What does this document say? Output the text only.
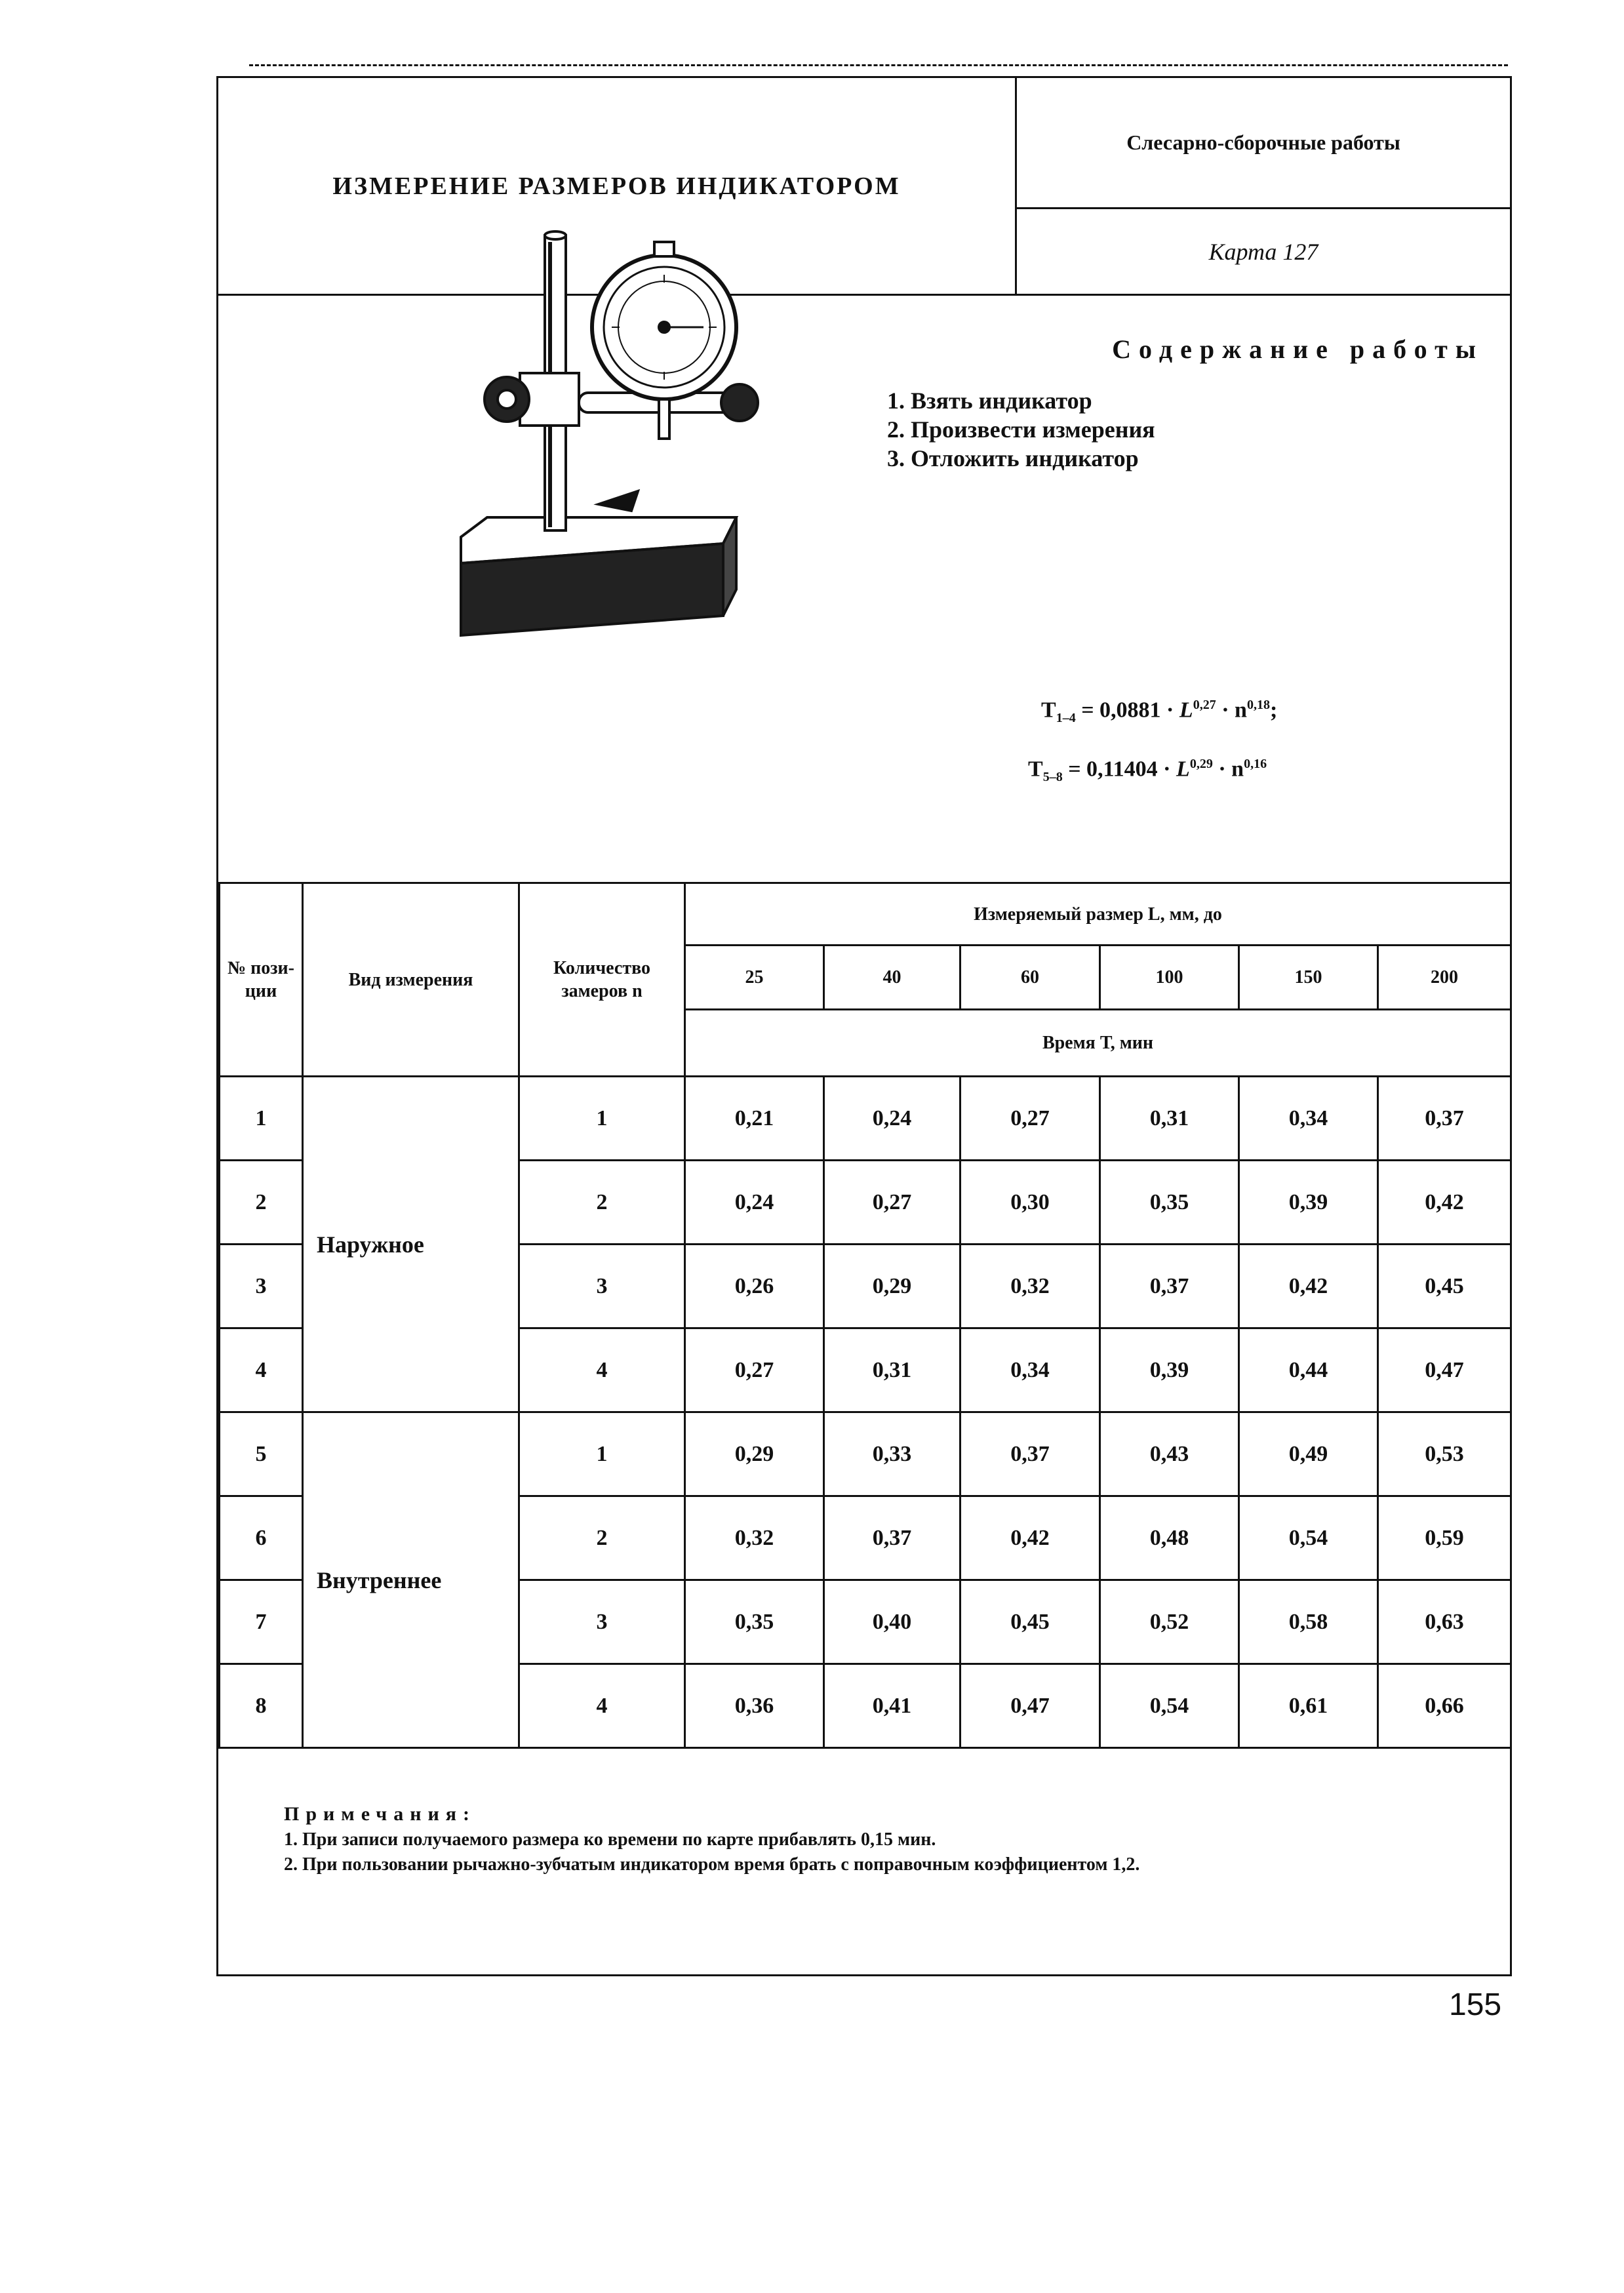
ИЗМЕРЕНИЕ РАЗМЕРОВ ИНДИКАТОРОМ
Слесарно-сборочные работы
Карта 127
Содержание работы
1. Взять индикатор
2. Произвести измерения
3. Отложить индикатор
$T_{1-4} = 0,0881 \cdot L^{0,27} \cdot n^{0,18}$;
$T_{5-8} = 0,11404 \cdot L^{0,29} \cdot n^{0,16}$
№ пози- ции	Вид измерения	Количество замеров n	Измеряемый размер L, мм, до					
			25	40	60	100	150	200
			Время Т, мин					
1	Наружное	1	0,21	0,24	0,27	0,31	0,34	0,37
2		2	0,24	0,27	0,30	0,35	0,39	0,42
3		3	0,26	0,29	0,32	0,37	0,42	0,45
4		4	0,27	0,31	0,34	0,39	0,44	0,47
5	Внутреннее	1	0,29	0,33	0,37	0,43	0,49	0,53
6		2	0,32	0,37	0,42	0,48	0,54	0,59
7		3	0,35	0,40	0,45	0,52	0,58	0,63
8		4	0,36	0,41	0,47	0,54	0,61	0,66
Примечания:
1. При записи получаемого размера ко времени по карте прибавлять 0,15 мин.
2. При пользовании рычажно-зубчатым индикатором время брать с поправочным коэффициентом 1,2.
155
